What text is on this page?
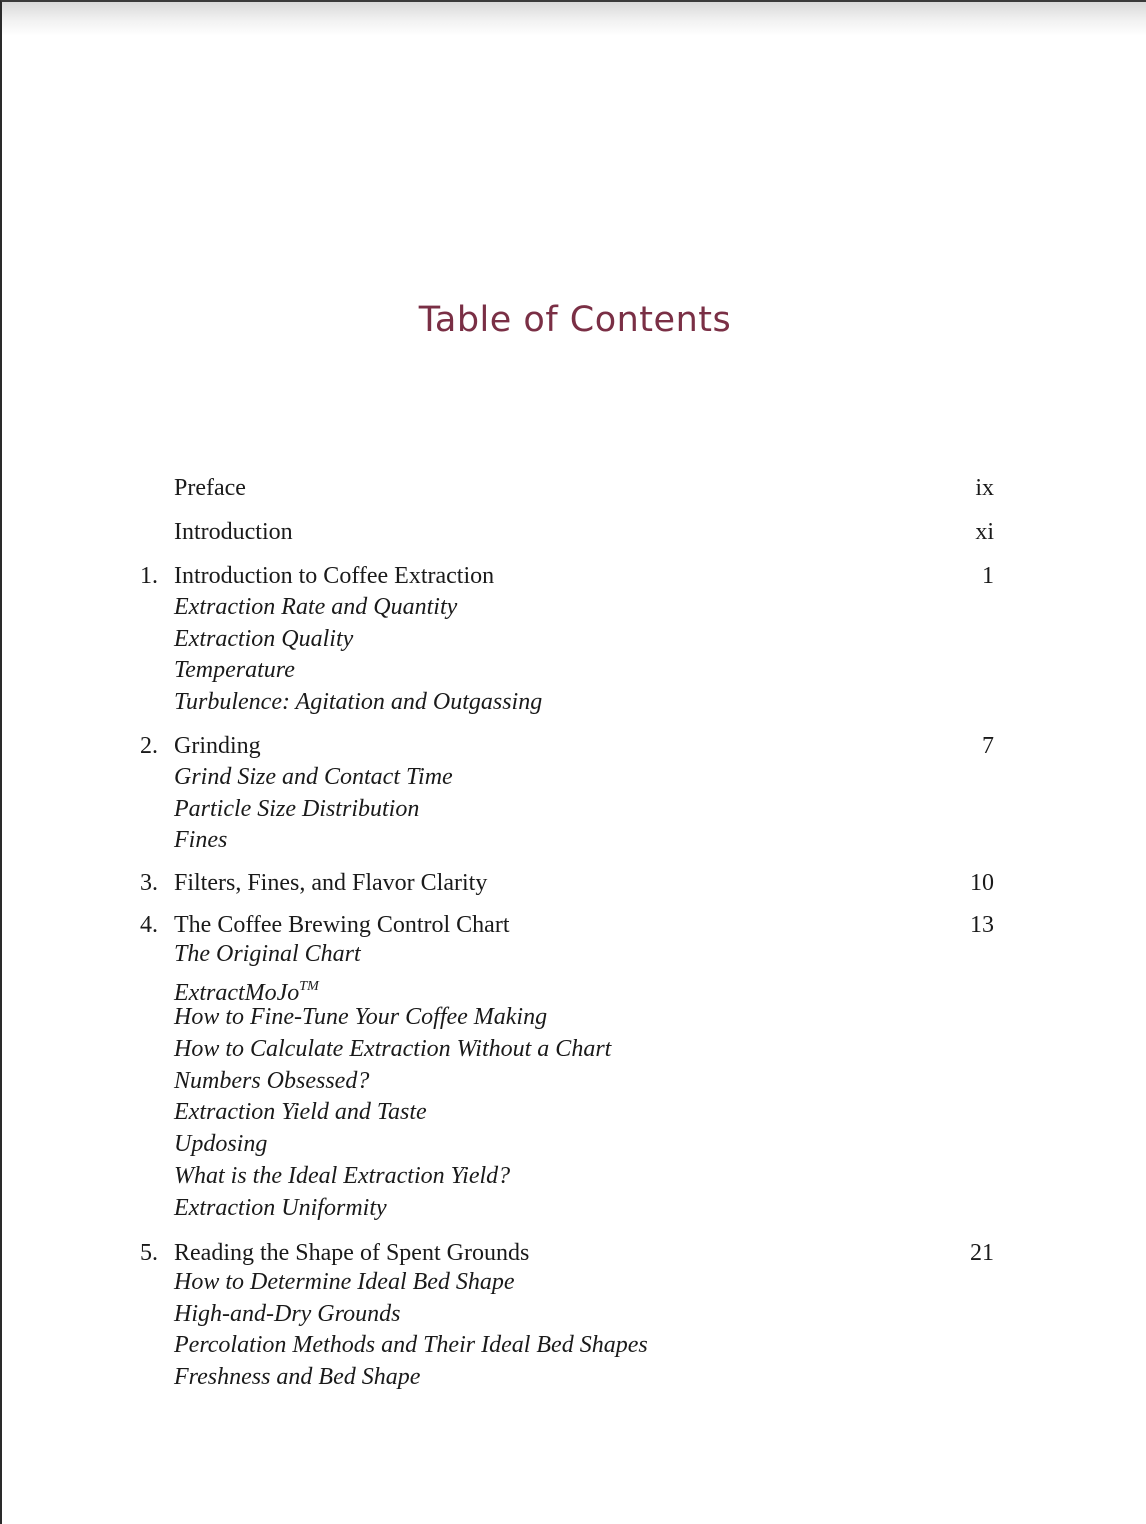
Table of Contents
Preface	ix
Introduction	xi
1. Introduction to Coffee Extraction	1
Extraction Rate and Quantity
Extraction Quality
Temperature
Turbulence: Agitation and Outgassing
2. Grinding	7
Grind Size and Contact Time
Particle Size Distribution
Fines
3. Filters, Fines, and Flavor Clarity	10
4. The Coffee Brewing Control Chart	13
The Original Chart
ExtractMoJo™
How to Fine-Tune Your Coffee Making
How to Calculate Extraction Without a Chart
Numbers Obsessed?
Extraction Yield and Taste
Updosing
What is the Ideal Extraction Yield?
Extraction Uniformity
5. Reading the Shape of Spent Grounds	21
How to Determine Ideal Bed Shape
High-and-Dry Grounds
Percolation Methods and Their Ideal Bed Shapes
Freshness and Bed Shape
